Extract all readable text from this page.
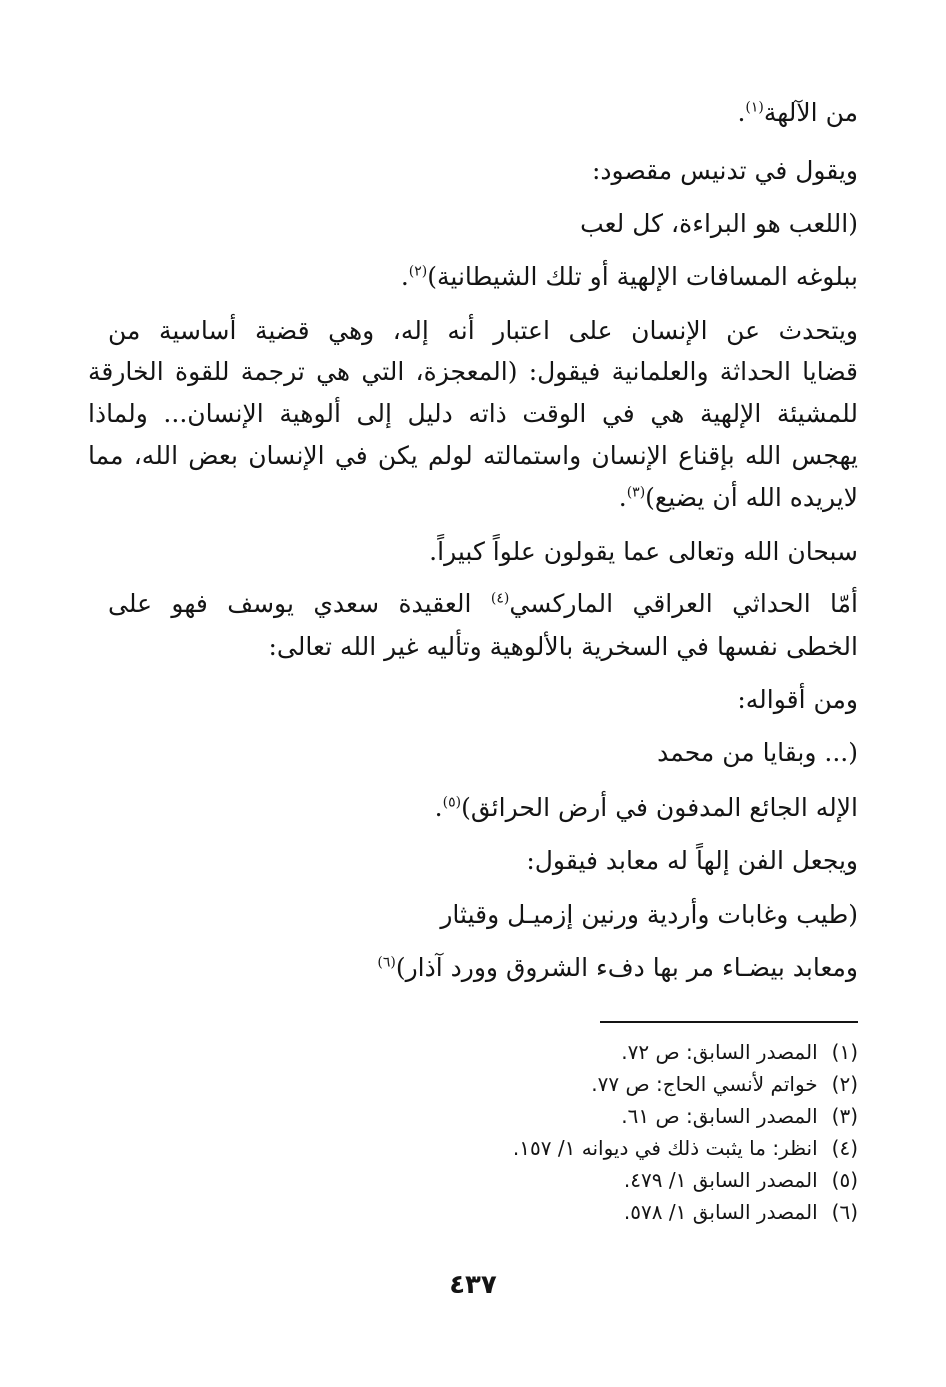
من الآلهة$^{(١)}$.
ويقول في تدنيس مقصود:
(اللعب هو البراءة، كل لعب
ببلوغه المسافات الإلهية أو تلك الشيطانية)$^{(٢)}$.
ويتحدث عن الإنسان على اعتبار أنه إله، وهي قضية أساسية من
قضايا الحداثة والعلمانية فيقول: (المعجزة، التي هي ترجمة للقوة الخارقة
للمشيئة الإلهية هي في الوقت ذاته دليل إلى ألوهية الإنسان... ولماذا
يهجس الله بإقناع الإنسان واستمالته لولم يكن في الإنسان بعض الله، مما
لايريده الله أن يضيع)$^{(٣)}$.
سبحان الله وتعالى عما يقولون علواً كبيراً.
أمّا الحداثي العراقي الماركسي$^{(٤)}$ العقيدة سعدي يوسف فهو على
الخطى نفسها في السخرية بالألوهية وتأليه غير الله تعالى:
ومن أقواله:
(... وبقايا من محمد
الإله الجائع المدفون في أرض الحرائق)$^{(٥)}$.
ويجعل الفن إلهاً له معابد فيقول:
(طيب وغابات وأردية ورنين إزميـل وقيثار
ومعابد بيضـاء مر بها دفء الشروق وورد آذار)$^{(٦)}$
(١) المصدر السابق: ص ٧٢.
(٢) خواتم لأنسي الحاج: ص ٧٧.
(٣) المصدر السابق: ص ٦١.
(٤) انظر: ما يثبت ذلك في ديوانه ١/ ١٥٧.
(٥) المصدر السابق ١/ ٤٧٩.
(٦) المصدر السابق ١/ ٥٧٨.
٤٣٧
